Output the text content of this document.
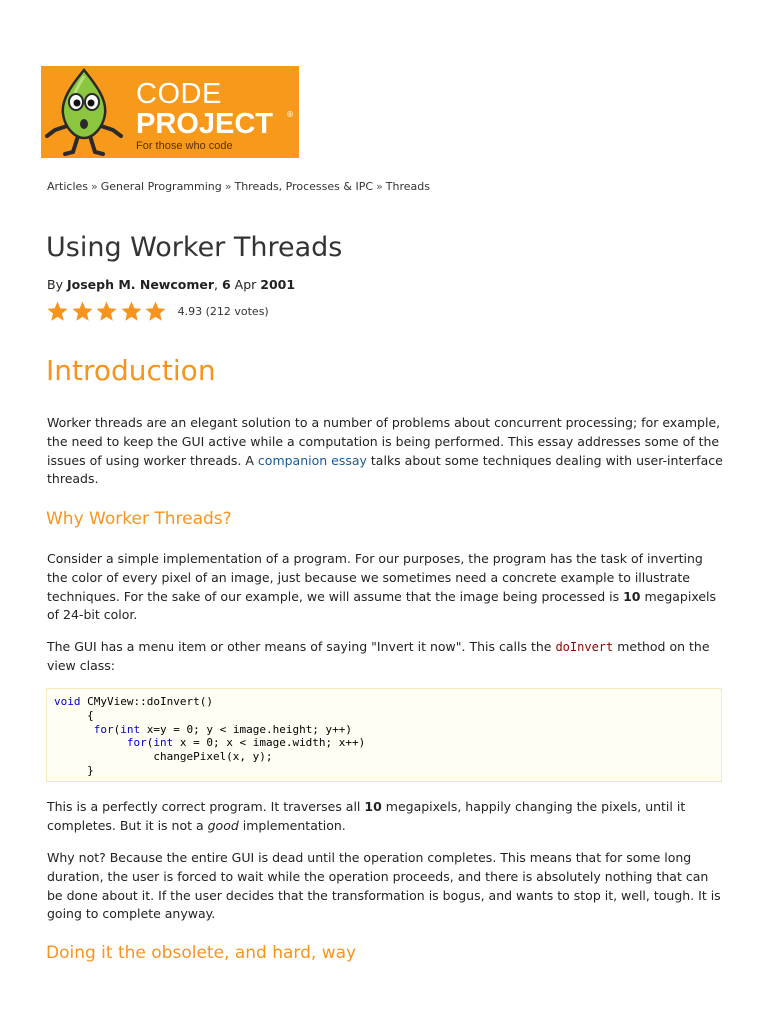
CODE
PROJECT ®
For those who code
Articles » General Programming » Threads, Processes & IPC » Threads
Using Worker Threads
By Joseph M. Newcomer, 6 Apr 2001
4.93 (212 votes)
Introduction

Worker threads are an elegant solution to a number of problems about concurrent processing; for example, the need to keep the GUI active while a computation is being performed. This essay addresses some of the issues of using worker threads. A companion essay talks about some techniques dealing with user-interface threads.

Why Worker Threads?

Consider a simple implementation of a program. For our purposes, the program has the task of inverting the color of every pixel of an image, just because we sometimes need a concrete example to illustrate techniques. For the sake of our example, we will assume that the image being processed is 10 megapixels of 24-bit color.

The GUI has a menu item or other means of saying "Invert it now". This calls the doInvert method on the view class:

void CMyView::doInvert()
{
for(int x=y = 0; y < image.height; y++)
for(int x = 0; x < image.width; x++)
changePixel(x, y);
}

This is a perfectly correct program. It traverses all 10 megapixels, happily changing the pixels, until it completes. But it is not a good implementation.

Why not? Because the entire GUI is dead until the operation completes. This means that for some long duration, the user is forced to wait while the operation proceeds, and there is absolutely nothing that can be done about it. If the user decides that the transformation is bogus, and wants to stop it, well, tough. It is going to complete anyway.

Doing it the obsolete, and hard, way
